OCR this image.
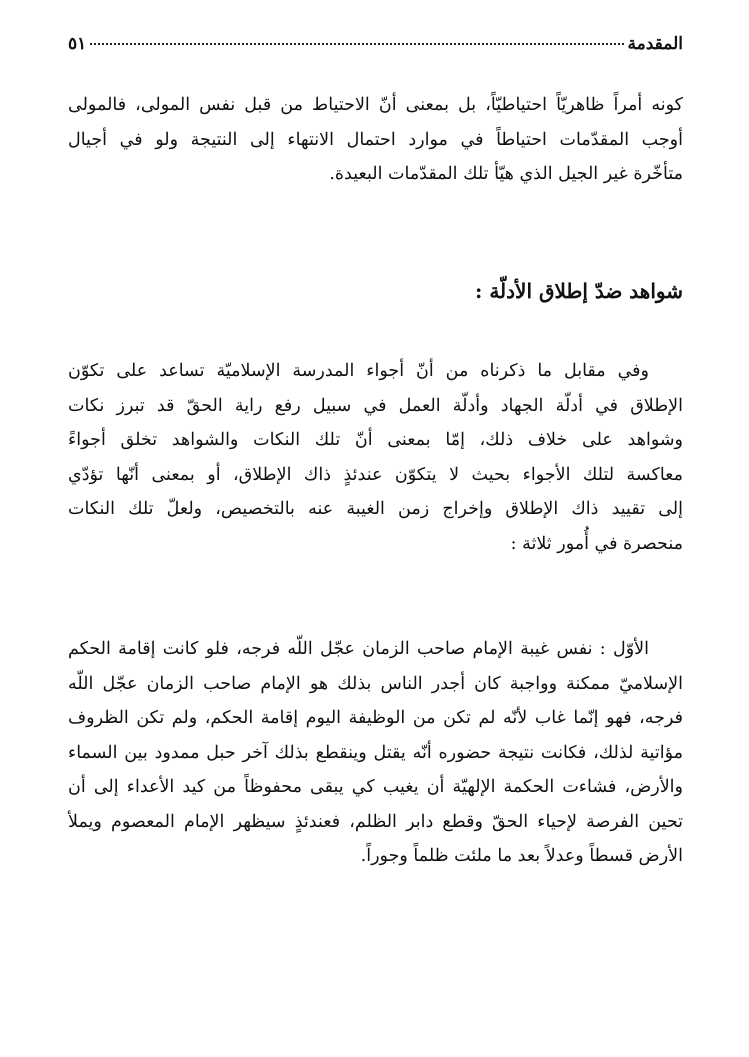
المقدمة
٥١
كونه أمراً ظاهريّاً احتياطيّاً، بل بمعنى أنّ الاحتياط من قبل نفس المولى، فالمولى
أوجب المقدّمات احتياطاً في موارد احتمال الانتهاء إلى النتيجة ولو في أجيال
متأخّرة غير الجيل الذي هيّأ تلك المقدّمات البعيدة.
شواهد ضدّ إطلاق الأدلّة :
وفي مقابل ما ذكرناه من أنّ أجواء المدرسة الإسلاميّة تساعد على تكوّن
الإطلاق في أدلّة الجهاد وأدلّة العمل في سبيل رفع راية الحقّ قد تبرز نكات
وشواهد على خلاف ذلك، إمّا بمعنى أنّ تلك النكات والشواهد تخلق أجواءً
معاكسة لتلك الأجواء بحيث لا يتكوّن عندئذٍ ذاك الإطلاق، أو بمعنى أنّها تؤدّي
إلى تقييد ذاك الإطلاق وإخراج زمن الغيبة عنه بالتخصيص، ولعلّ تلك النكات
منحصرة في أُمور ثلاثة :
الأوّل : نفس غيبة الإمام صاحب الزمان عجّل اللّه فرجه، فلو كانت إقامة الحكم الإسلاميّ ممكنة وواجبة كان أجدر الناس بذلك هو الإمام صاحب الزمان عجّل اللّه فرجه، فهو إنّما غاب لأنّه لم تكن من الوظيفة اليوم إقامة الحكم، ولم تكن الظروف مؤاتية لذلك، فكانت نتيجة حضوره أنّه يقتل وينقطع بذلك آخر حبل ممدود بين السماء والأرض، فشاءت الحكمة الإلهيّة أن يغيب كي يبقى محفوظاً من كيد الأعداء إلى أن تحين الفرصة لإحياء الحقّ وقطع دابر الظلم، فعندئذٍ سيظهر الإمام المعصوم ويملأ الأرض قسطاً وعدلاً بعد ما ملئت ظلماً وجوراً.
